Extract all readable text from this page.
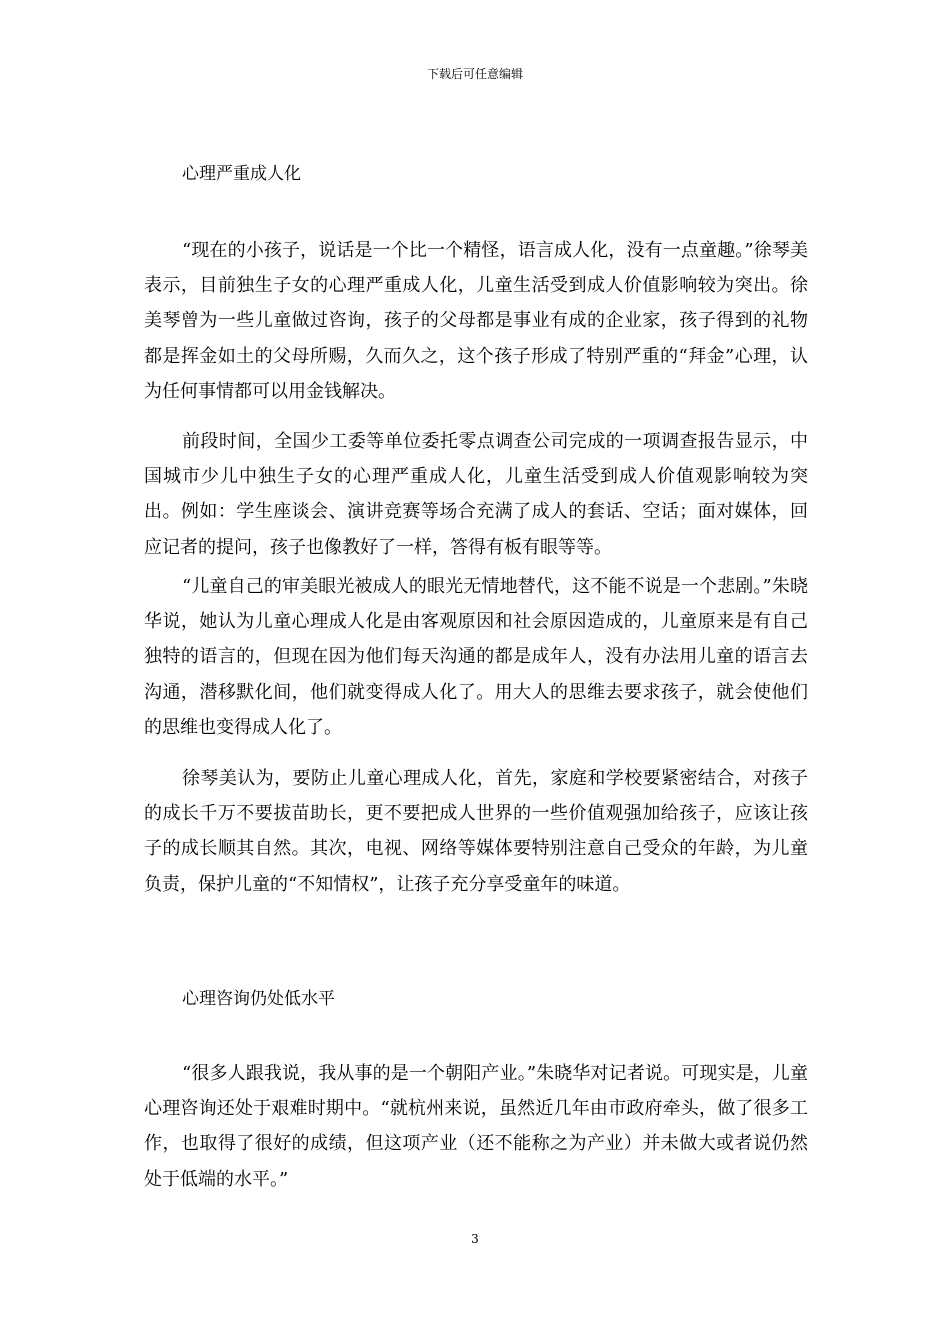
下载后可任意编辑
心理严重成人化

“现在的小孩子，说话是一个比一个精怪，语言成人化，没有一点童趣。”徐琴美表示，目前独生子女的心理严重成人化，儿童生活受到成人价值影响较为突出。徐美琴曾为一些儿童做过咨询，孩子的父母都是事业有成的企业家，孩子得到的礼物都是挥金如土的父母所赐，久而久之，这个孩子形成了特别严重的“拜金”心理，认为任何事情都可以用金钱解决。

前段时间，全国少工委等单位委托零点调查公司完成的一项调查报告显示，中国城市少儿中独生子女的心理严重成人化，儿童生活受到成人价值观影响较为突出。例如：学生座谈会、演讲竞赛等场合充满了成人的套话、空话；面对媒体，回应记者的提问，孩子也像教好了一样，答得有板有眼等等。

“儿童自己的审美眼光被成人的眼光无情地替代，这不能不说是一个悲剧。”朱晓华说，她认为儿童心理成人化是由客观原因和社会原因造成的，儿童原来是有自己独特的语言的，但现在因为他们每天沟通的都是成年人，没有办法用儿童的语言去沟通，潜移默化间，他们就变得成人化了。用大人的思维去要求孩子，就会使他们的思维也变得成人化了。

徐琴美认为，要防止儿童心理成人化，首先，家庭和学校要紧密结合，对孩子的成长千万不要拔苗助长，更不要把成人世界的一些价值观强加给孩子，应该让孩子的成长顺其自然。其次，电视、网络等媒体要特别注意自己受众的年龄，为儿童负责，保护儿童的“不知情权”，让孩子充分享受童年的味道。

心理咨询仍处低水平

“很多人跟我说，我从事的是一个朝阳产业。”朱晓华对记者说。可现实是，儿童心理咨询还处于艰难时期中。“就杭州来说，虽然近几年由市政府牵头，做了很多工作，也取得了很好的成绩，但这项产业（还不能称之为产业）并未做大或者说仍然处于低端的水平。”

3
